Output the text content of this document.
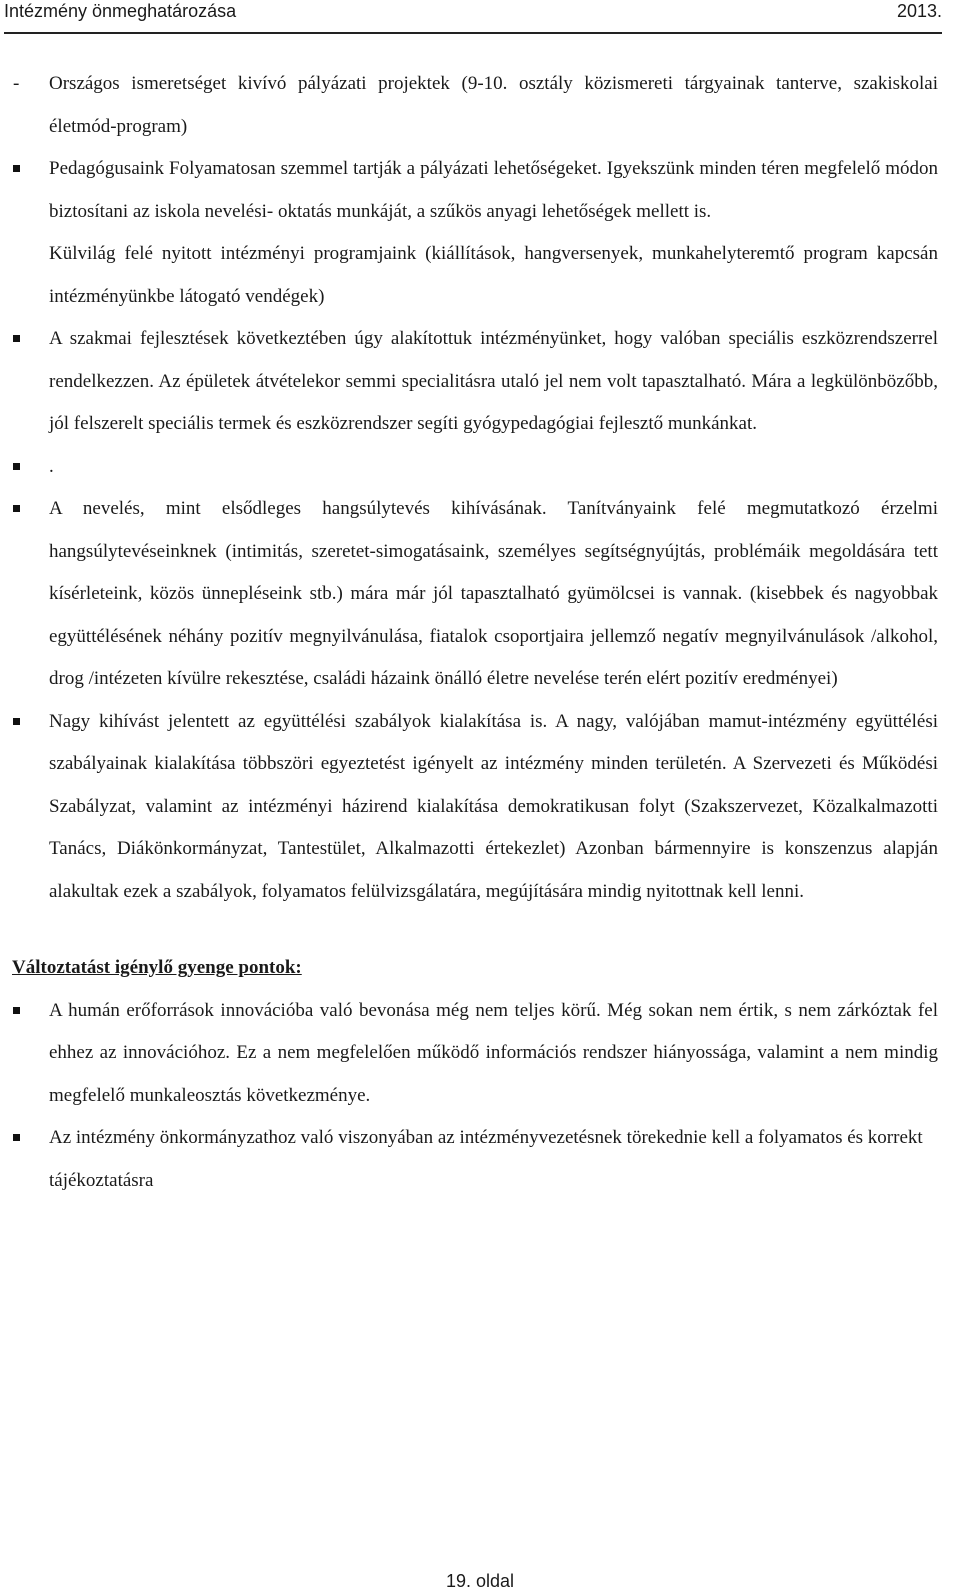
Intézmény önmeghatározása	2013.
- Országos ismeretséget kivívó pályázati projektek (9-10. osztály közismereti tárgyainak tanterve, szakiskolai életmód-program)
Pedagógusaink Folyamatosan szemmel tartják a pályázati lehetőségeket. Igyekszünk minden téren megfelelő módon biztosítani az iskola nevelési- oktatás munkáját, a szűkös anyagi lehetőségek mellett is.
Külvilág felé nyitott intézményi programjaink (kiállítások, hangversenyek, munkahelyteremtő program kapcsán intézményünkbe látogató vendégek)
A szakmai fejlesztések következtében úgy alakítottuk intézményünket, hogy valóban speciális eszközrendszerrel rendelkezzen. Az épületek átvételekor semmi specialitásra utaló jel nem volt tapasztalható. Mára a legkülönbözőbb, jól felszerelt speciális termek és eszközrendszer segíti gyógypedagógiai fejlesztő munkánkat.
.
A nevelés, mint elsődleges hangsúlytevés kihívásának. Tanítványaink felé megmutatkozó érzelmi hangsúlytevéseinknek (intimitás, szeretet-simogatásaink, személyes segítségnyújtás, problémáik megoldására tett kísérleteink, közös ünnepléseink stb.) mára már jól tapasztalható gyümölcsei is vannak. (kisebbek és nagyobbak együttélésének néhány pozitív megnyilvánulása, fiatalok csoportjaira jellemző negatív megnyilvánulások /alkohol, drog /intézeten kívülre rekesztése, családi házaink önálló életre nevelése terén elért pozitív eredményei)
Nagy kihívást jelentett az együttélési szabályok kialakítása is. A nagy, valójában mamut-intézmény együttélési szabályainak kialakítása többszöri egyeztetést igényelt az intézmény minden területén. A Szervezeti és Működési Szabályzat, valamint az intézményi házirend kialakítása demokratikusan folyt (Szakszervezet, Közalkalmazotti Tanács, Diákönkormányzat, Tantestület, Alkalmazotti értekezlet) Azonban bármennyire is konszenzus alapján alakultak ezek a szabályok, folyamatos felülvizsgálatára, megújítására mindig nyitottnak kell lenni.
Változtatást igénylő gyenge pontok:
A humán erőforrások innovációba való bevonása még nem teljes körű. Még sokan nem értik, s nem zárkóztak fel ehhez az innovációhoz. Ez a nem megfelelően működő információs rendszer hiányossága, valamint a nem mindig megfelelő munkaleosztás következménye.
Az intézmény önkormányzathoz való viszonyában az intézményvezetésnek törekednie kell a folyamatos és korrekt tájékoztatásra
19. oldal
